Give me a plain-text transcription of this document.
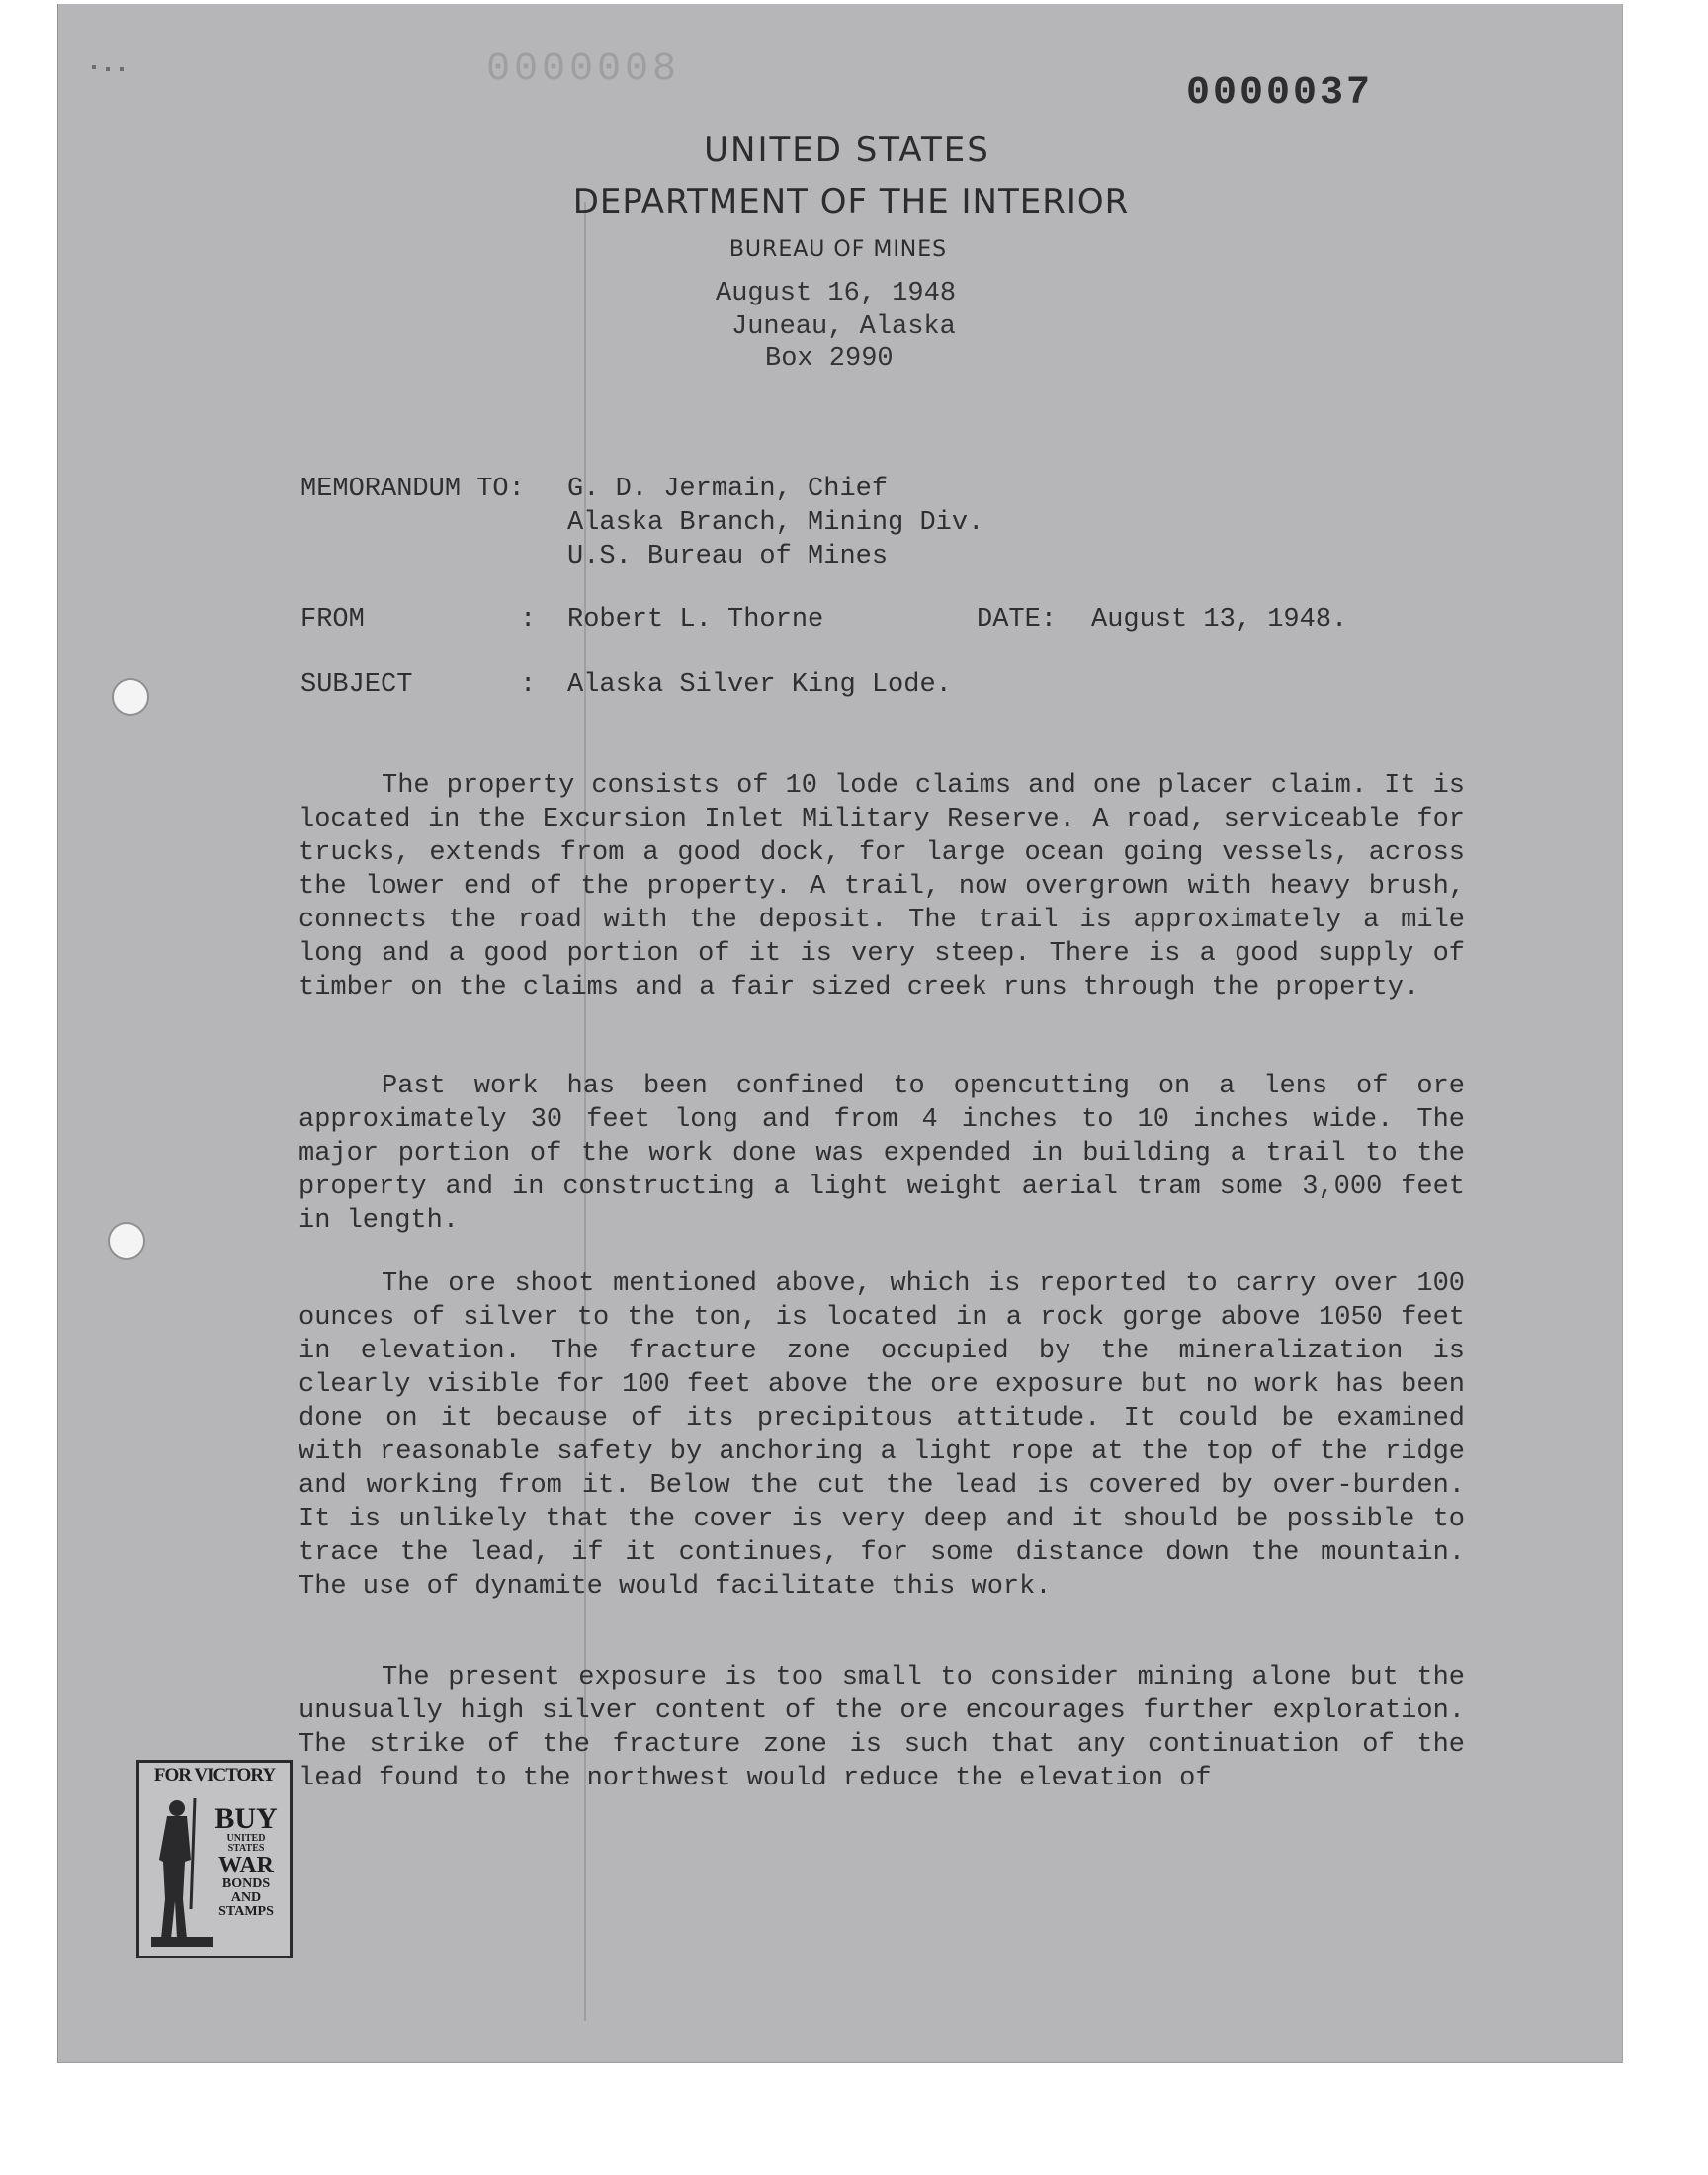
8000000
0000037
UNITED STATES
DEPARTMENT OF THE INTERIOR
BUREAU OF MINES
August 16, 1948
Juneau, Alaska
Box 2990
MEMORANDUM TO: G. D. Jermain, Chief
Alaska Branch, Mining Div.
U.S. Bureau of Mines
FROM	: Robert L. Thorne	DATE: August 13, 1948.
SUBJECT	: Alaska Silver King Lode.

The property consists of 10 lode claims and one placer claim. It is located in the Excursion Inlet Military Reserve. A road, serviceable for trucks, extends from a good dock, for large ocean going vessels, across the lower end of the property. A trail, now overgrown with heavy brush, connects the road with the deposit. The trail is approximately a mile long and a good portion of it is very steep. There is a good supply of timber on the claims and a fair sized creek runs through the property.

Past work has been confined to opencutting on a lens of ore approximately 30 feet long and from 4 inches to 10 inches wide. The major portion of the work done was expended in building a trail to the property and in constructing a light weight aerial tram some 3,000 feet in length.

The ore shoot mentioned above, which is reported to carry over 100 ounces of silver to the ton, is located in a rock gorge above 1050 feet in elevation. The fracture zone occupied by the mineralization is clearly visible for 100 feet above the ore exposure but no work has been done on it because of its precipitous attitude. It could be examined with reasonable safety by anchoring a light rope at the top of the ridge and working from it. Below the cut the lead is covered by over-burden. It is unlikely that the cover is very deep and it should be possible to trace the lead, if it continues, for some distance down the mountain. The use of dynamite would facilitate this work.

The present exposure is too small to consider mining alone but the unusually high silver content of the ore encourages further exploration. The strike of the fracture zone is such that any continuation of the lead found to the northwest would reduce the elevation of

FOR VICTORY
BUY
UNITED STATES
WAR
BONDS AND
STAMPS
